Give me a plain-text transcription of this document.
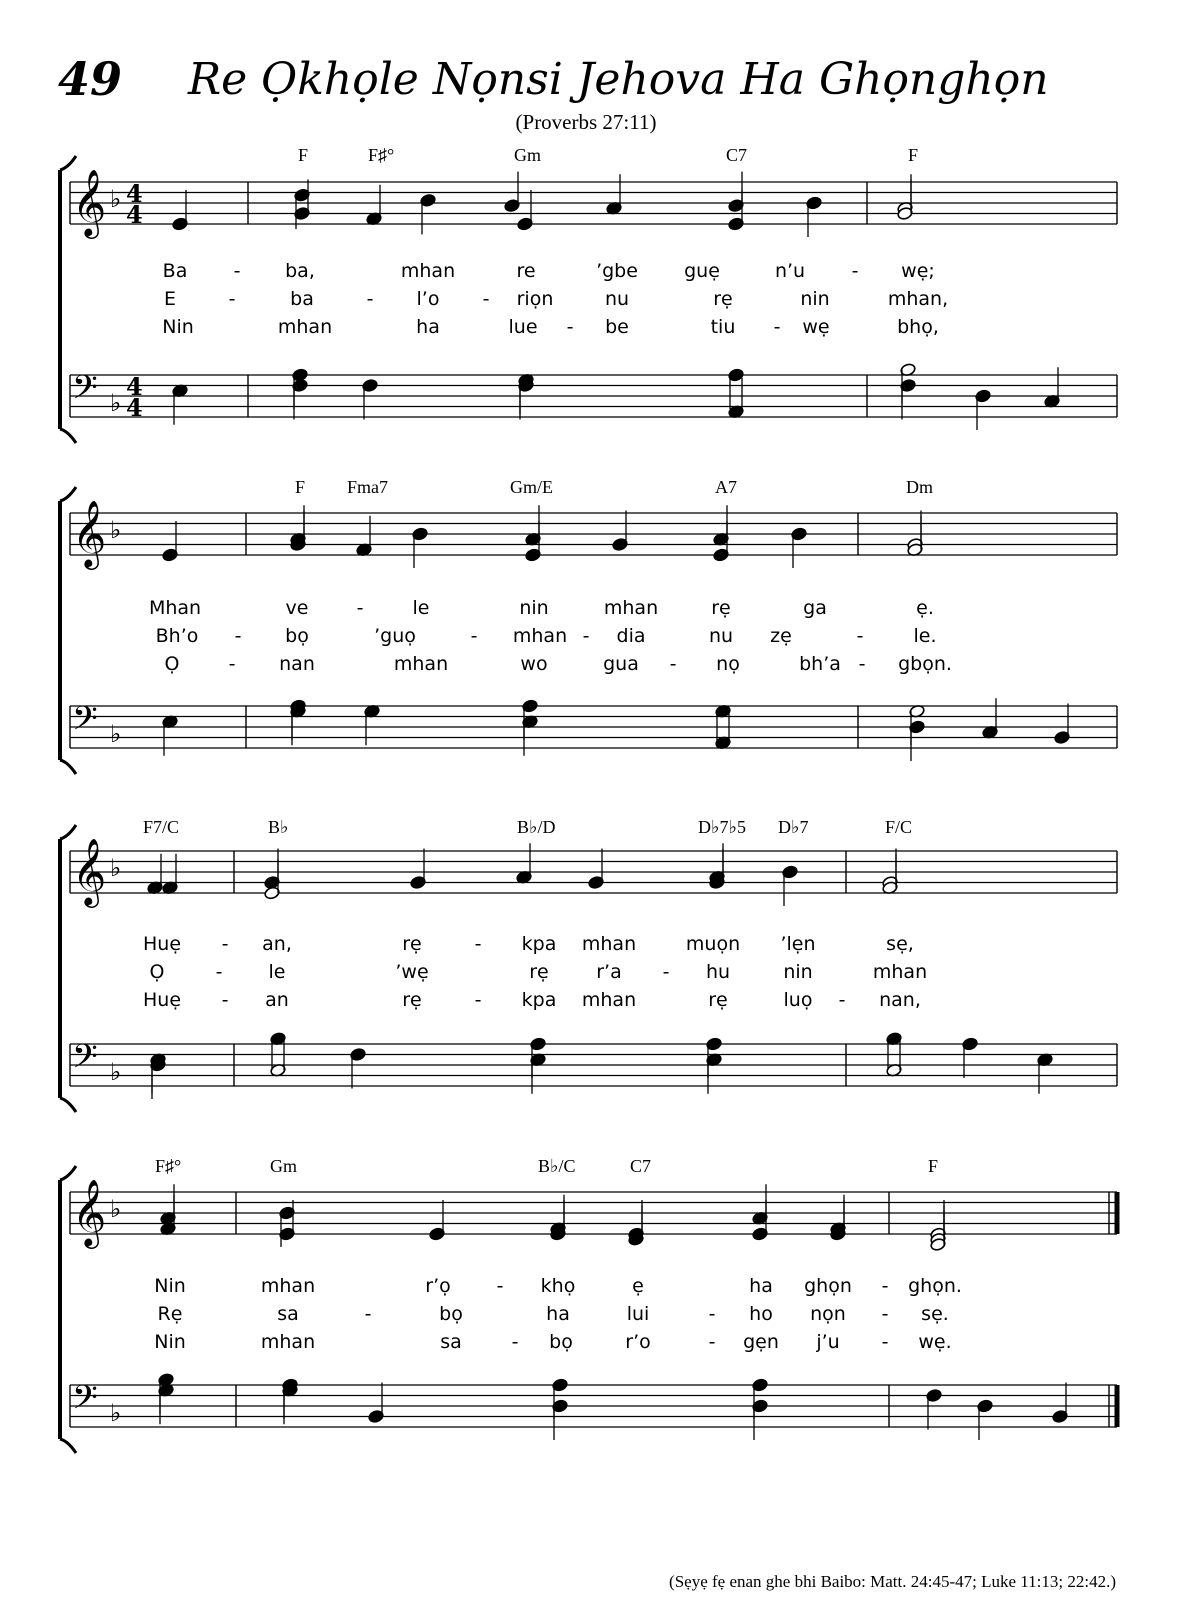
49 Re Ọkhọle Nọnsi Jehova Ha Ghọnghọn
(Proverbs 27:11)
(Sẹyẹ fẹ enan ghe bhi Baibo: Matt. 24:45-47; Luke 11:13; 22:42.)
𝄞 ♭ 4
4
𝄢 ♭
4
4
F	F♯°	Gm	C7	F
Ba - ba,	mhan	re	’gbe guẹ	n’u - wẹ;
E	-	ba	- l’o - riọn	nu	rẹ	nin	mhan,
Nin	mhan	ha	lue - be	tiu - wẹ	bhọ,
𝄞 ♭
𝄢 ♭
F Fma7	Gm/E	A7	Dm
Mhan	ve	-	le	nin	mhan	rẹ	ga	ẹ.
Bh’o - bọ	’guọ	- mhan - dia	nu zẹ	-	le.
Ọ	- nan	mhan	wo	gua - nọ	bh’a - gbọn.
𝄞 ♭
𝄢 ♭
F7/C	B♭	B♭/D	D♭7♭5 D♭7	F/C
Huẹ - an,	rẹ	- kpa mhan	muọn ’lẹn	sẹ,
Ọ	- le	’wẹ	rẹ r’a - hu	nin	mhan
Huẹ - an	rẹ	- kpa mhan	rẹ	luọ - nan,
𝄞 ♭
𝄢 ♭
F♯°	Gm	B♭/C	C7	F
Nin	mhan	r’ọ - khọ	ẹ	ha ghọn - ghọn.
Rẹ	sa	-	bọ	ha	lui	- ho nọn - sẹ.
Nin	mhan	sa	- bọ	r’o	- gẹn j’u - wẹ.
